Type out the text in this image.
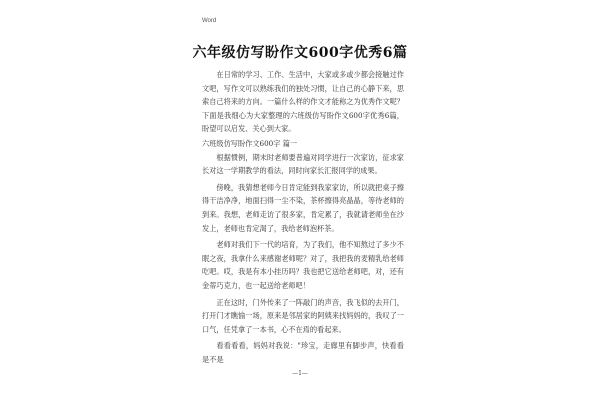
Word
六年级仿写盼作文600字优秀6篇

在日常的学习、工作、生活中，大家或多或少都会接触过作文吧，写作文可以熟练我们的独处习惯，让自己的心静下来，思索自己将来的方向。一篇什么样的作文才能称之为优秀作文呢？下面是我细心为大家整理的六班级仿写盼作文600字优秀6篇，盼望可以启发、关心到大家。

六班级仿写盼作文600字 篇一

根据惯例，期末时老师要普遍对同学进行一次家访，征求家长对这一学期教学的看法，同时向家长汇报同学的成果。

傍晚，我猜想老师今日肯定能到我家家访，所以就把桌子擦得干洁净净，地面扫得一尘不染，茶杯擦得亮晶晶，等待老师的到来。我想，老师走访了很多家，肯定累了，我就请老师坐在沙发上，老师也肯定渴了，我给老师泡杯茶。

老师对我们下一代的培育，为了我们，他不知熬过了多少不眠之夜，我拿什么来感谢老师呢？对了，我把我的麦精乳给老师吃吧。哎，我是有本小挂历吗？我也把它送给老师吧，对，还有金蒂巧克力，也一起送给老师吧！

正在这时，门外传来了一阵敲门的声音，我飞似的去开门，打开门才瞧愉一场，原来是邻居家的阿姨来找妈妈的，我叹了一口气，任凭拿了一本书，心不在焉的看起来。

看看看看，妈妈对我说："珍宝，走廊里有脚步声，快看看是不是

—1—
